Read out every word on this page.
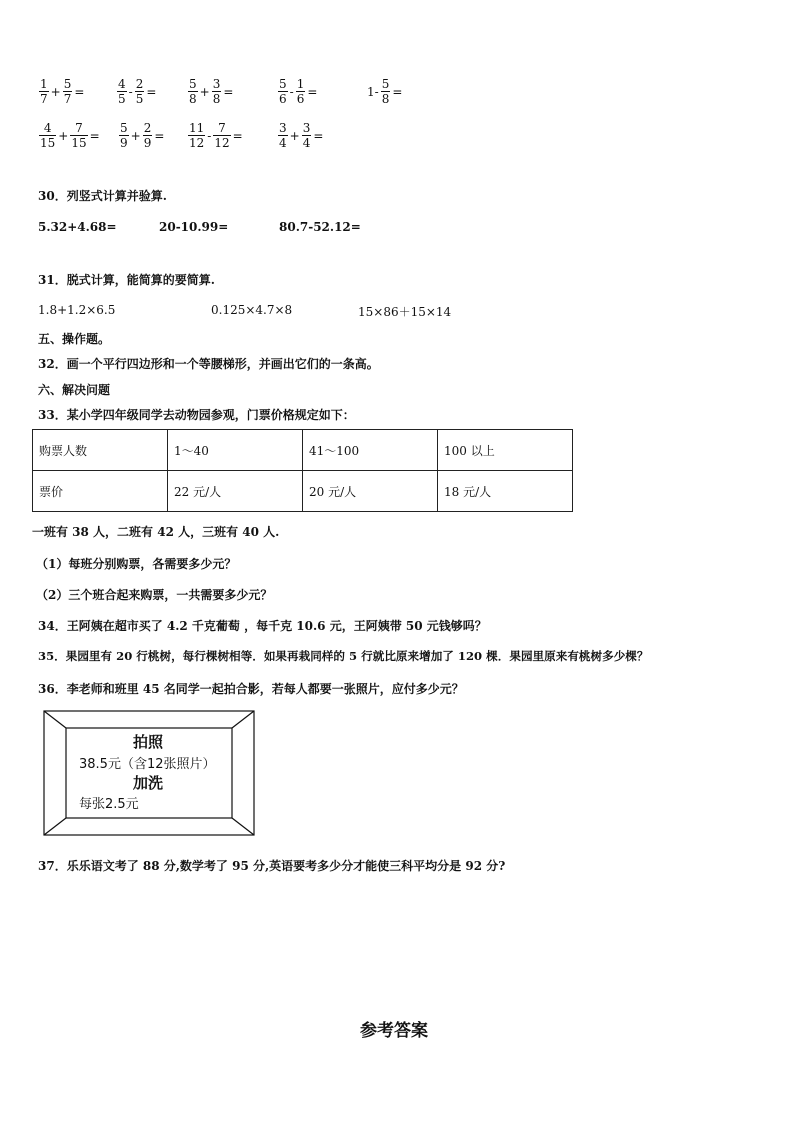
$\frac{1}{7} + \frac{5}{7}$ =	$\frac{4}{5} - \frac{2}{5}$ =	$\frac{5}{8} + \frac{3}{8}$ =	$\frac{5}{6} - \frac{1}{6}$ =	$1- \frac{5}{8}$ =
$\frac{4}{15} + \frac{7}{15} = \frac{5}{9} + \frac{2}{9} = \frac{11}{12} - \frac{7}{12}$ =	$\frac{3}{4} + \frac{3}{4}$ =
30．列竖式计算并验算.
5.32+4.68=	20-10.99=	80.7-52.12=
31．脱式计算，能简算的要简算.
1.8+1.2×6.5	0.125×4.7×8	15×86＋15×14
五、操作题。
32．画一个平行四边形和一个等腰梯形，并画出它们的一条高。
六、解决问题
33．某小学四年级同学去动物园参观，门票价格规定如下：
购票人数	1～40	41～100	100 以上
票价	22 元/人	20 元/人	18 元/人
一班有 38 人，二班有 42 人，三班有 40 人.
（1）每班分别购票，各需要多少元？
（2）三个班合起来购票，一共需要多少元？
34．王阿姨在超市买了 4.2 千克葡萄 ，每千克 10.6 元，王阿姨带 50 元钱够吗？
35．果园里有 20 行桃树，每行棵树相等．如果再栽同样的 5 行就比原来增加了 120 棵．果园里原来有桃树多少棵？
36．李老师和班里 45 名同学一起拍合影，若每人都要一张照片，应付多少元？
拍照
38.5元（含12张照片）
加洗
每张2.5元
37．乐乐语文考了 88 分,数学考了 95 分,英语要考多少分才能使三科平均分是 92 分?
参考答案
